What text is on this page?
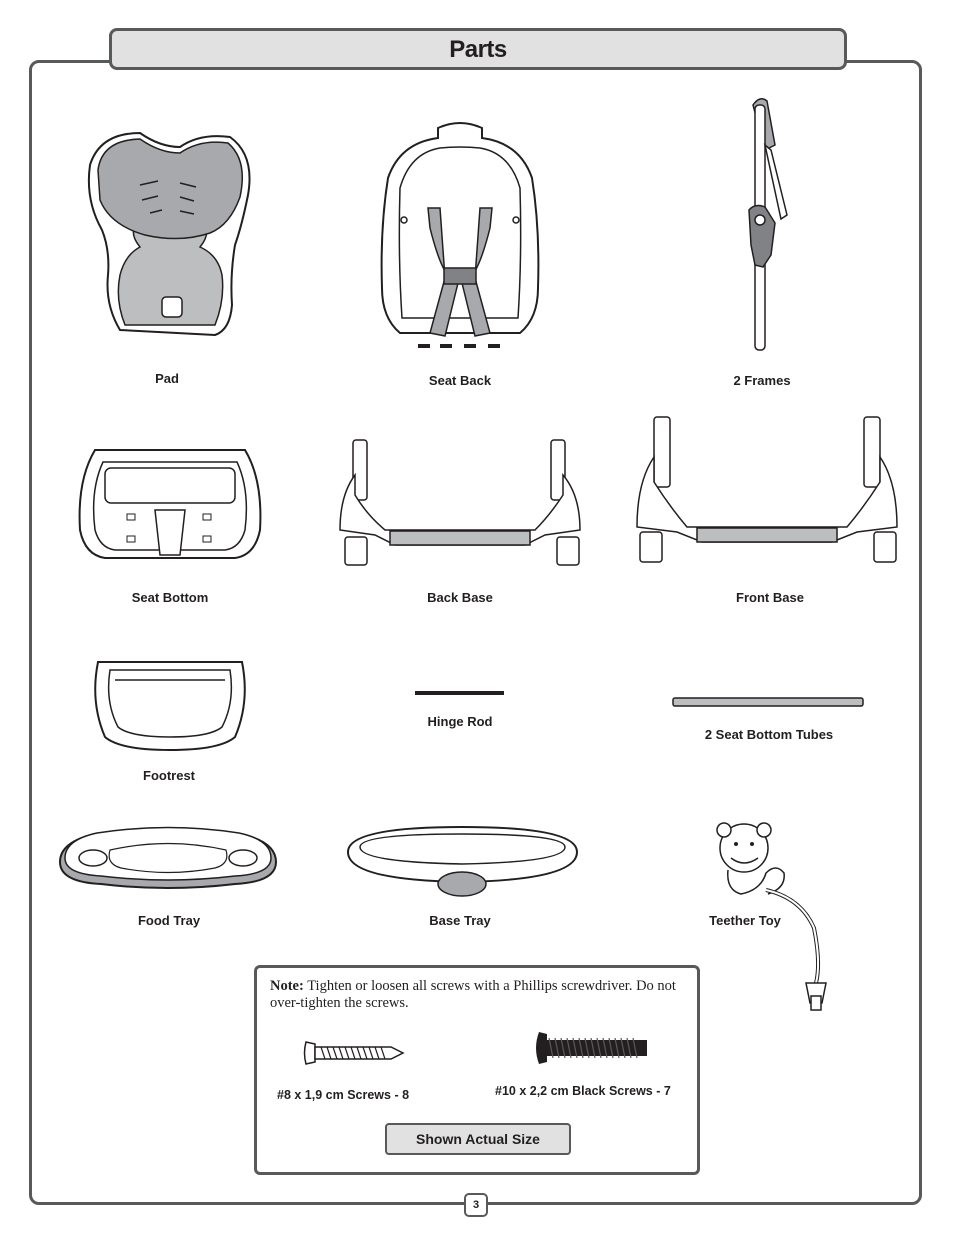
Parts
Pad	Seat Back	2 Frames
Seat Bottom	Back Base	Front Base
Footrest
Hinge Rod
2 Seat Bottom Tubes
Food Tray	Base Tray	Teether Toy
Note: Tighten or loosen all screws with a Phillips screwdriver. Do not over-tighten the screws.
#8 x 1,9 cm Screws - 8	#10 x 2,2 cm Black Screws - 7
Shown Actual Size
3
